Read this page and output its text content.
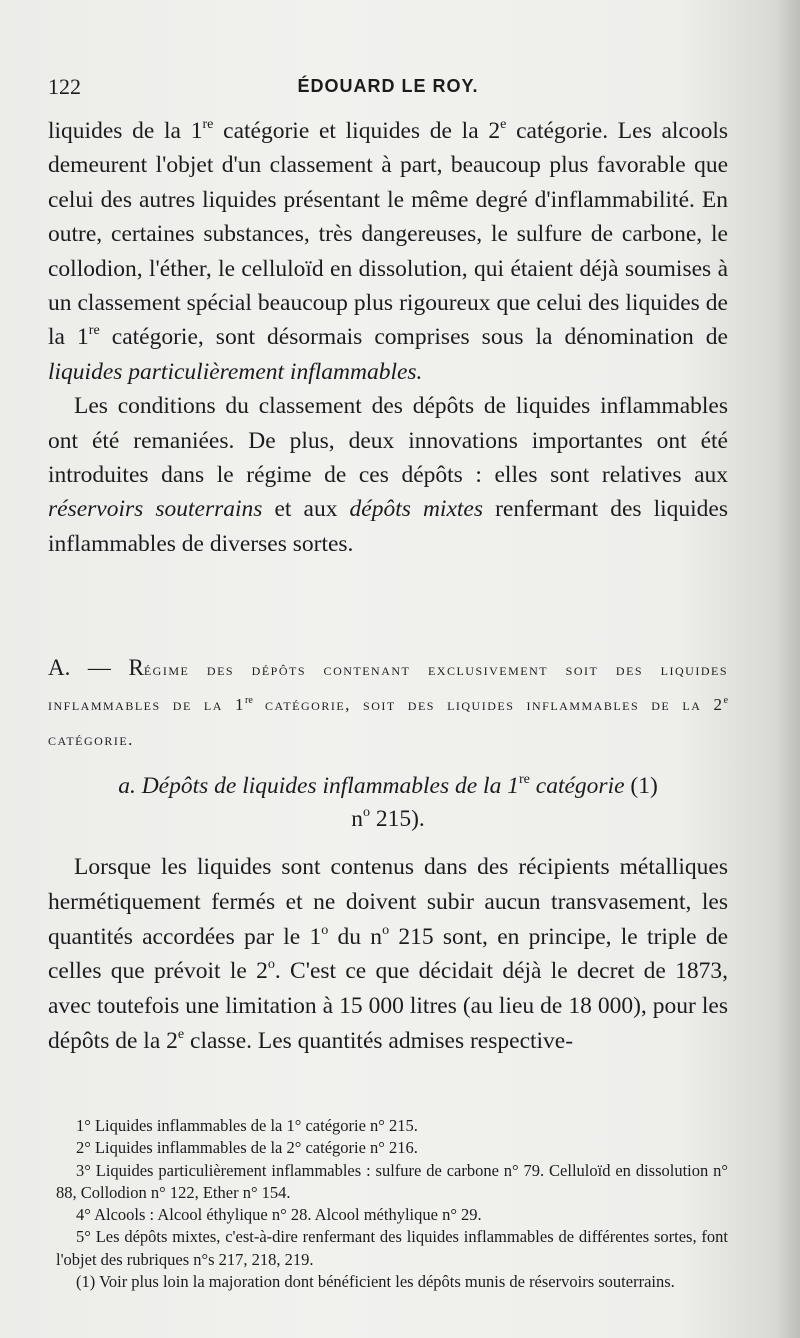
122	ÉDOUARD LE ROY.

liquides de la 1re catégorie et liquides de la 2e catégorie. Les alcools demeurent l'objet d'un classement à part, beaucoup plus favorable que celui des autres liquides présentant le même degré d'inflammabilité. En outre, certaines substances, très dangereuses, le sulfure de carbone, le collodion, l'éther, le celluloïd en dissolution, qui étaient déjà soumises à un classement spécial beaucoup plus rigoureux que celui des liquides de la 1re catégorie, sont désormais comprises sous la dénomination de liquides particulièrement inflammables.

Les conditions du classement des dépôts de liquides inflammables ont été remaniées. De plus, deux innovations importantes ont été introduites dans le régime de ces dépôts : elles sont relatives aux réservoirs souterrains et aux dépôts mixtes renfermant des liquides inflammables de diverses sortes.

A. — Régime des dépôts contenant exclusivement soit des liquides inflammables de la 1re catégorie, soit des liquides inflammables de la 2e catégorie.
a. Dépôts de liquides inflammables de la 1re catégorie (1)
$n^o$ 215).

Lorsque les liquides sont contenus dans des récipients métalliques hermétiquement fermés et ne doivent subir aucun transvasement, les quantités accordées par le 1$^o$ du $n^o$ 215 sont, en principe, le triple de celles que prévoit le 2$^o$. C'est ce que décidait déjà le decret de 1873, avec toutefois une limitation à 15 000 litres (au lieu de 18 000), pour les dépôts de la 2e classe. Les quantités admises respective-

1° Liquides inflammables de la 1° catégorie n° 215.

2° Liquides inflammables de la 2° catégorie n° 216.

3° Liquides particulièrement inflammables : sulfure de carbone n° 79. Celluloïd en dissolution n° 88, Collodion n° 122, Ether n° 154.

4° Alcools : Alcool éthylique n° 28. Alcool méthylique n° 29.

5° Les dépôts mixtes, c'est-à-dire renfermant des liquides inflammables de différentes sortes, font l'objet des rubriques n°s 217, 218, 219.

(1) Voir plus loin la majoration dont bénéficient les dépôts munis de réservoirs souterrains.
